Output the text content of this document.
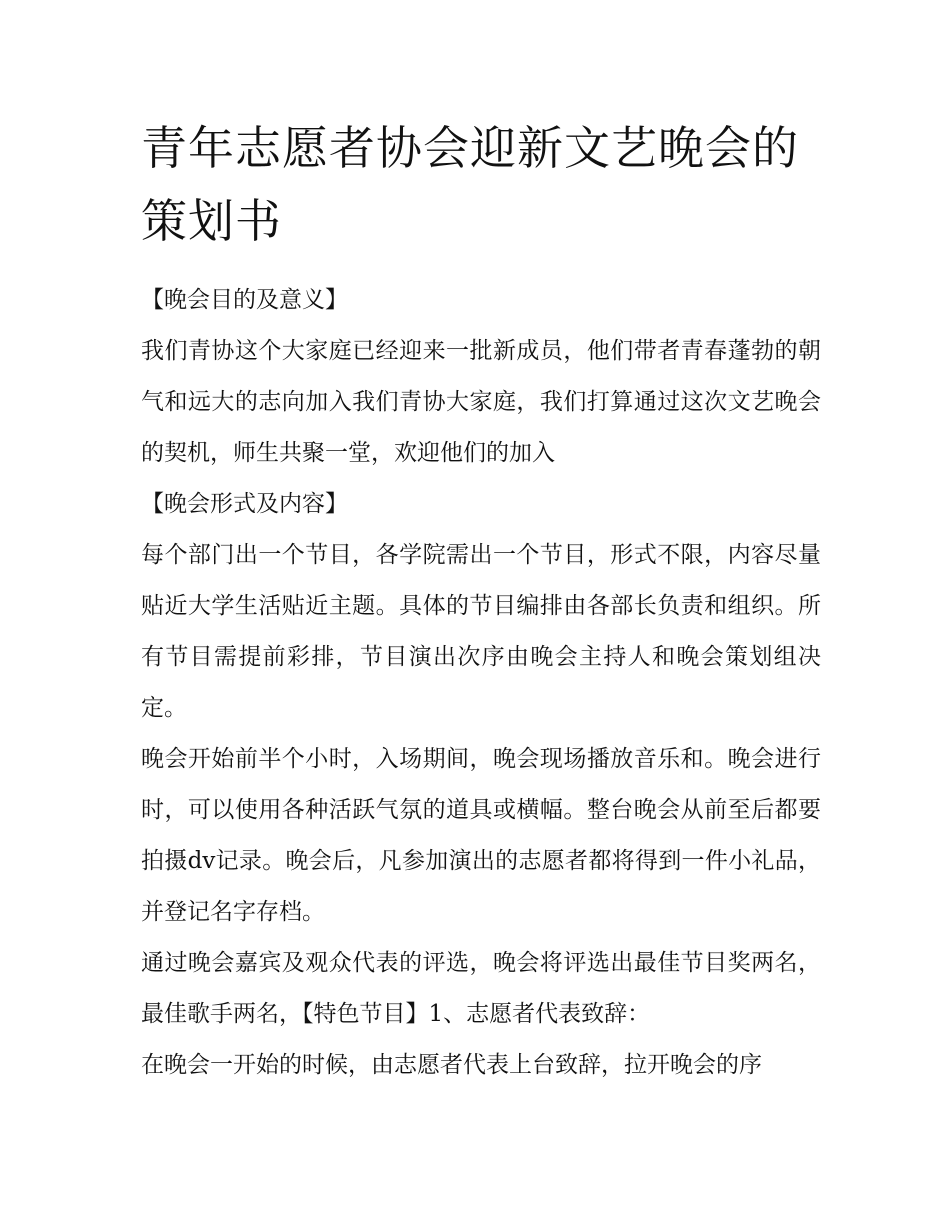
青年志愿者协会迎新文艺晚会的策划书

【晚会目的及意义】

我们青协这个大家庭已经迎来一批新成员，他们带者青春蓬勃的朝气和远大的志向加入我们青协大家庭，我们打算通过这次文艺晚会的契机，师生共聚一堂，欢迎他们的加入

【晚会形式及内容】

每个部门出一个节目，各学院需出一个节目，形式不限，内容尽量贴近大学生活贴近主题。具体的节目编排由各部长负责和组织。所有节目需提前彩排，节目演出次序由晚会主持人和晚会策划组决定。

晚会开始前半个小时，入场期间，晚会现场播放音乐和。晚会进行时，可以使用各种活跃气氛的道具或横幅。整台晚会从前至后都要拍摄dv记录。晚会后，凡参加演出的志愿者都将得到一件小礼品，并登记名字存档。

通过晚会嘉宾及观众代表的评选，晚会将评选出最佳节目奖两名，最佳歌手两名，【特色节目】1、志愿者代表致辞：

在晚会一开始的时候，由志愿者代表上台致辞，拉开晚会的序
